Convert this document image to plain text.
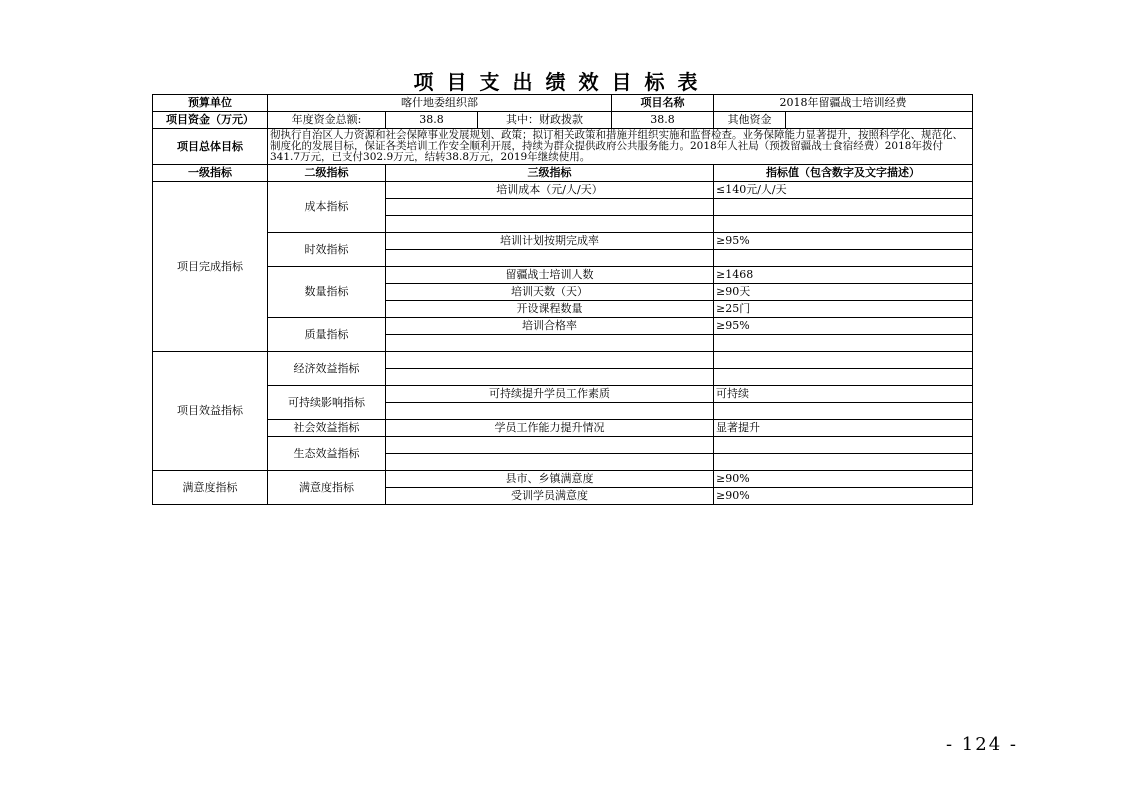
项目支出绩效目标表
预算单位	喀什地委组织部			项目名称	2018年留疆战士培训经费	
项目资金（万元）	年度资金总额:	38.8	其中：财政拨款	38.8	其他资金	
项目总体目标	彻执行自治区人力资源和社会保障事业发展规划、政策；拟订相关政策和措施并组织实施和监督检查。业务保障能力显著提升，按照科学化、规范化、制度化的发展目标，保证各类培训工作安全顺利开展，持续为群众提供政府公共服务能力。2018年人社局（预拨留疆战士食宿经费）2018年拨付341.7万元，已支付302.9万元，结转38.8万元，2019年继续使用。					
一级指标	二级指标	三级指标			指标值（包含数字及文字描述）	
项目完成指标	成本指标	培训成本（元/人/天）			≤140元/人/天	

	时效指标	培训计划按期完成率			≥95%	

	数量指标	留疆战士培训人数			≥1468	
		培训天数（天）			≥90天	
		开设课程数量			≥25门	
	质量指标	培训合格率			≥95%	

项目效益指标	经济效益指标					

	可持续影响指标	可持续提升学员工作素质			可持续	

	社会效益指标	学员工作能力提升情况			显著提升	
	生态效益指标					

满意度指标	满意度指标	县市、乡镇满意度			≥90%	
		受训学员满意度			≥90%	
- 124 -
